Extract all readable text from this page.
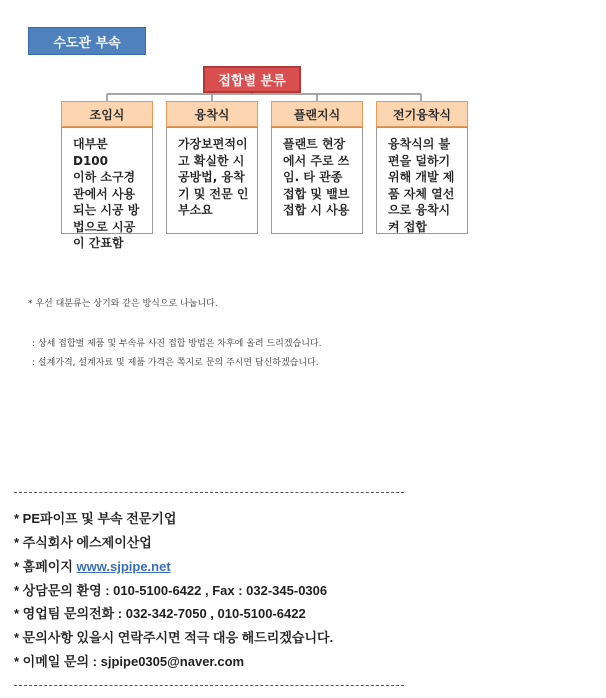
수도관 부속
접합별 분류
조임식
대부분 D100
이하 소구경
관에서 사용
되는 시공 방
법으로 시공
이 간표함
융착식
가장보편적이
고 확실한 시
공방법, 융착
기 및 전문 인
부소요
플랜지식
플랜트 현장
에서 주로 쓰
임. 타 관종
접합 및 밸브
접합 시 사용
전기융착식
융착식의 불
편을 덜하기
위해 개발 제
품 자체 열선
으로 융착시
켜 접합
* 우선 대분류는 상기와 같은 방식으로 나눕니다.
: 상세 접합별 제품 및 부속류 사진 접합 방법은 차후에 올려 드리겠습니다.
: 설계가격, 설계자료 및 제품 가격은 쪽지로 문의 주시면 답신하겠습니다.
* PE파이프 및 부속 전문기업
* 주식회사 에스제이산업
* 홈페이지 www.sjpipe.net
* 상담문의 환영 : 010-5100-6422 , Fax : 032-345-0306
* 영업팀 문의전화 : 032-342-7050 , 010-5100-6422
* 문의사항 있을시 연락주시면 적극 대응 해드리겠습니다.
* 이메일 문의 : sjpipe0305@naver.com
